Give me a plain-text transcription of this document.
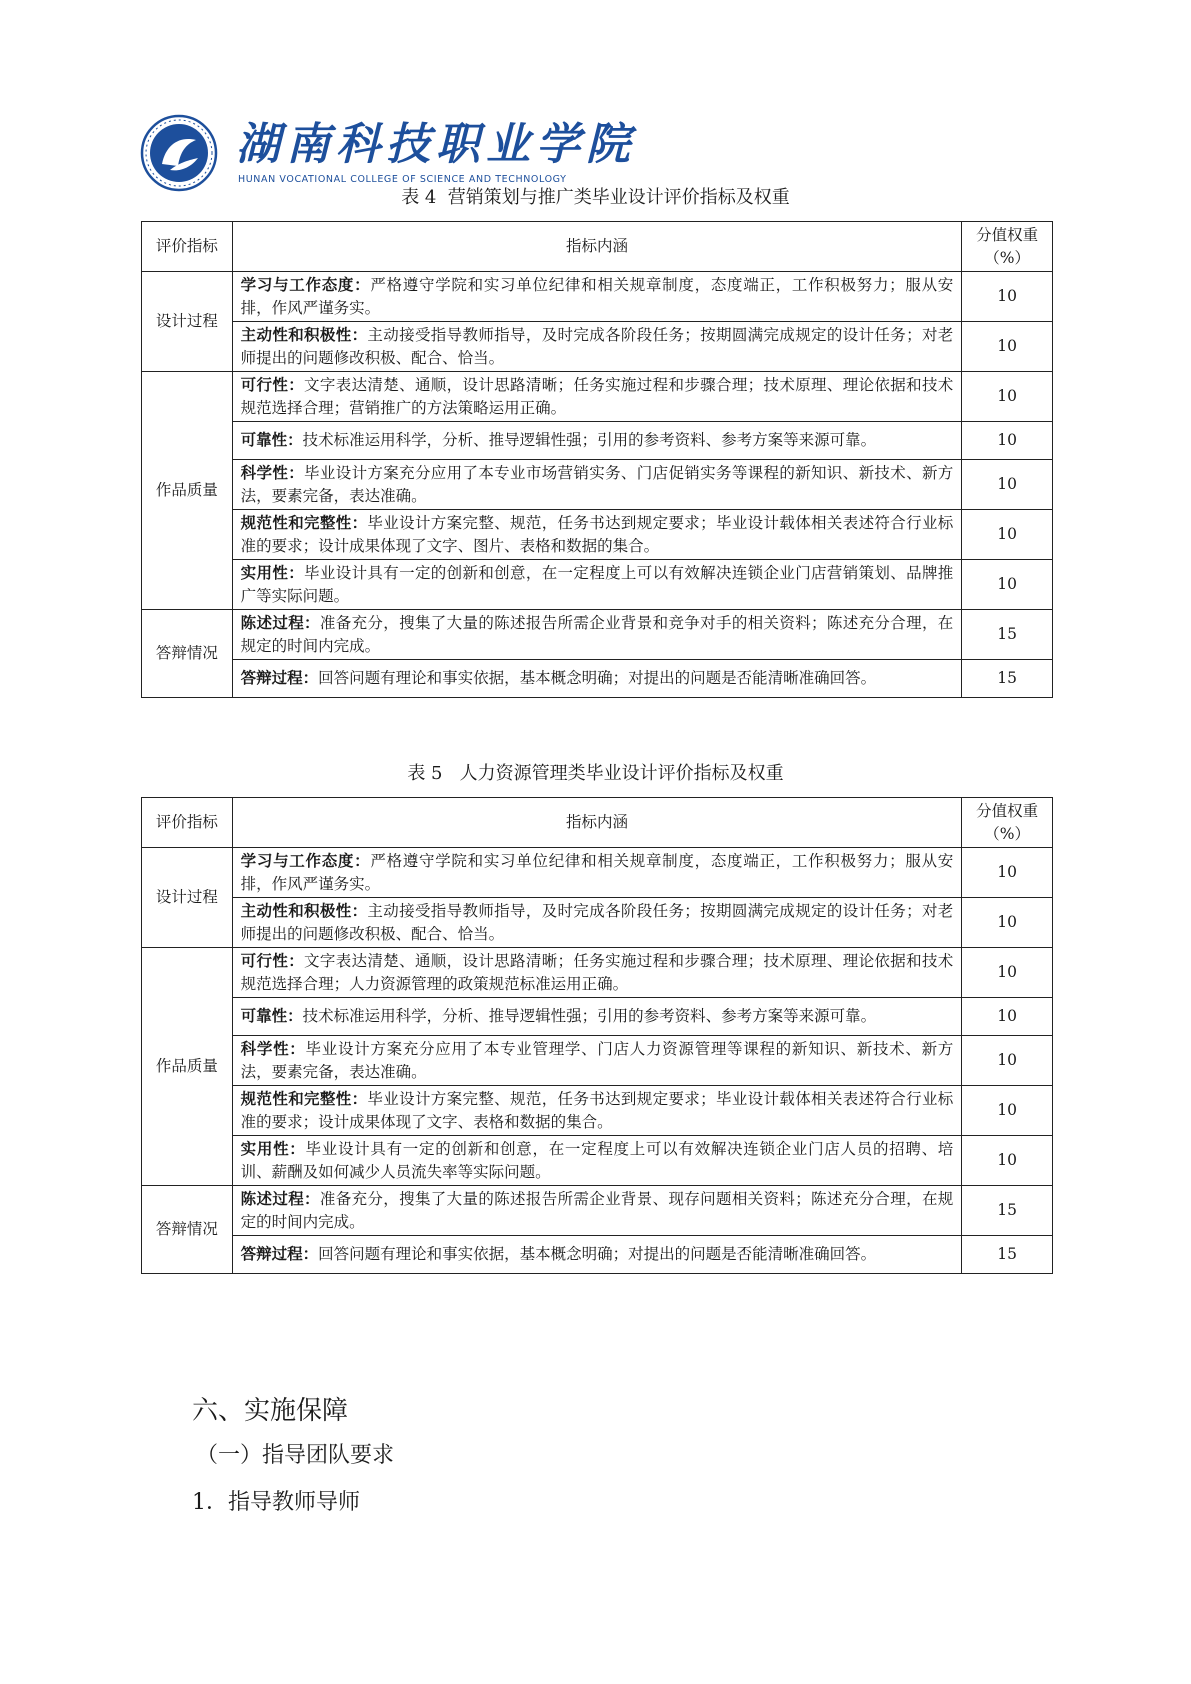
湖南科技职业学院
HUNAN VOCATIONAL COLLEGE OF SCIENCE AND TECHNOLOGY
表 4  营销策划与推广类毕业设计评价指标及权重
评价指标	指标内涵	分值权重（%）
设计过程	学习与工作态度：严格遵守学院和实习单位纪律和相关规章制度，态度端正，工作积极努力；服从安排，作风严谨务实。	10
	主动性和积极性：主动接受指导教师指导，及时完成各阶段任务；按期圆满完成规定的设计任务；对老师提出的问题修改积极、配合、恰当。	10
作品质量	可行性：文字表达清楚、通顺，设计思路清晰；任务实施过程和步骤合理；技术原理、理论依据和技术规范选择合理；营销推广的方法策略运用正确。	10
	可靠性：技术标准运用科学，分析、推导逻辑性强；引用的参考资料、参考方案等来源可靠。	10
	科学性：毕业设计方案充分应用了本专业市场营销实务、门店促销实务等课程的新知识、新技术、新方法，要素完备，表达准确。	10
	规范性和完整性：毕业设计方案完整、规范，任务书达到规定要求；毕业设计载体相关表述符合行业标准的要求；设计成果体现了文字、图片、表格和数据的集合。	10
	实用性：毕业设计具有一定的创新和创意，在一定程度上可以有效解决连锁企业门店营销策划、品牌推广等实际问题。	10
答辩情况	陈述过程：准备充分，搜集了大量的陈述报告所需企业背景和竞争对手的相关资料；陈述充分合理，在规定的时间内完成。	15
	答辩过程：回答问题有理论和事实依据，基本概念明确；对提出的问题是否能清晰准确回答。	15
表 5   人力资源管理类毕业设计评价指标及权重
评价指标	指标内涵	分值权重（%）
设计过程	学习与工作态度：严格遵守学院和实习单位纪律和相关规章制度，态度端正，工作积极努力；服从安排，作风严谨务实。	10
	主动性和积极性：主动接受指导教师指导，及时完成各阶段任务；按期圆满完成规定的设计任务；对老师提出的问题修改积极、配合、恰当。	10
作品质量	可行性：文字表达清楚、通顺，设计思路清晰；任务实施过程和步骤合理；技术原理、理论依据和技术规范选择合理；人力资源管理的政策规范标准运用正确。	10
	可靠性：技术标准运用科学，分析、推导逻辑性强；引用的参考资料、参考方案等来源可靠。	10
	科学性：毕业设计方案充分应用了本专业管理学、门店人力资源管理等课程的新知识、新技术、新方法，要素完备，表达准确。	10
	规范性和完整性：毕业设计方案完整、规范，任务书达到规定要求；毕业设计载体相关表述符合行业标准的要求；设计成果体现了文字、表格和数据的集合。	10
	实用性：毕业设计具有一定的创新和创意，在一定程度上可以有效解决连锁企业门店人员的招聘、培训、薪酬及如何减少人员流失率等实际问题。	10
答辩情况	陈述过程：准备充分，搜集了大量的陈述报告所需企业背景、现存问题相关资料；陈述充分合理，在规定的时间内完成。	15
	答辩过程：回答问题有理论和事实依据，基本概念明确；对提出的问题是否能清晰准确回答。	15
六、实施保障
（一）指导团队要求
1．指导教师导师
